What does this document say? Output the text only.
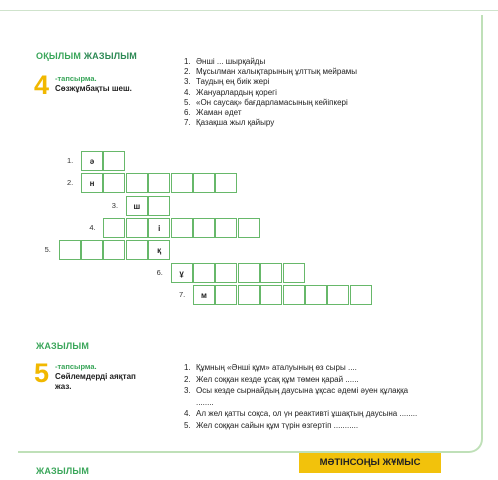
ОҚЫЛЫМ ЖАЗЫЛЫМ
4 -тапсырма.
Сөзжұмбақты шеш.
1. Әнші ... шырқайды
2. Мұсылман халықтарының ұлттық мейрамы
3. Таудың ең биік жері
4. Жануарлардың қорегі
5. «Он саусақ» бағдарламасының кейіпкері
6. Жаман әдет
7. Қазақша жыл қайыру
1.	ә
2.	н
3.	ш
4.	і
5.	қ
6.	ұ
7.	м
ЖАЗЫЛЫМ
5 -тапсырма.
Сөйлемдерді аяқтап
жаз.
1. Құмның «Әнші құм» аталуының өз сыры ....
2. Жел соққан кезде ұсақ құм төмен қарай ......
3. Осы кезде сырнайдың даусына ұқсас әдемі әуен құлаққа
........
4. Ал жел қатты соқса, ол үн реактивті ұшақтың даусына ........
5. Жел соққан сайын құм түрін өзгертіп ...........
ЖАЗЫЛЫМ
МӘТІНСОҢЫ ЖҰМЫС
